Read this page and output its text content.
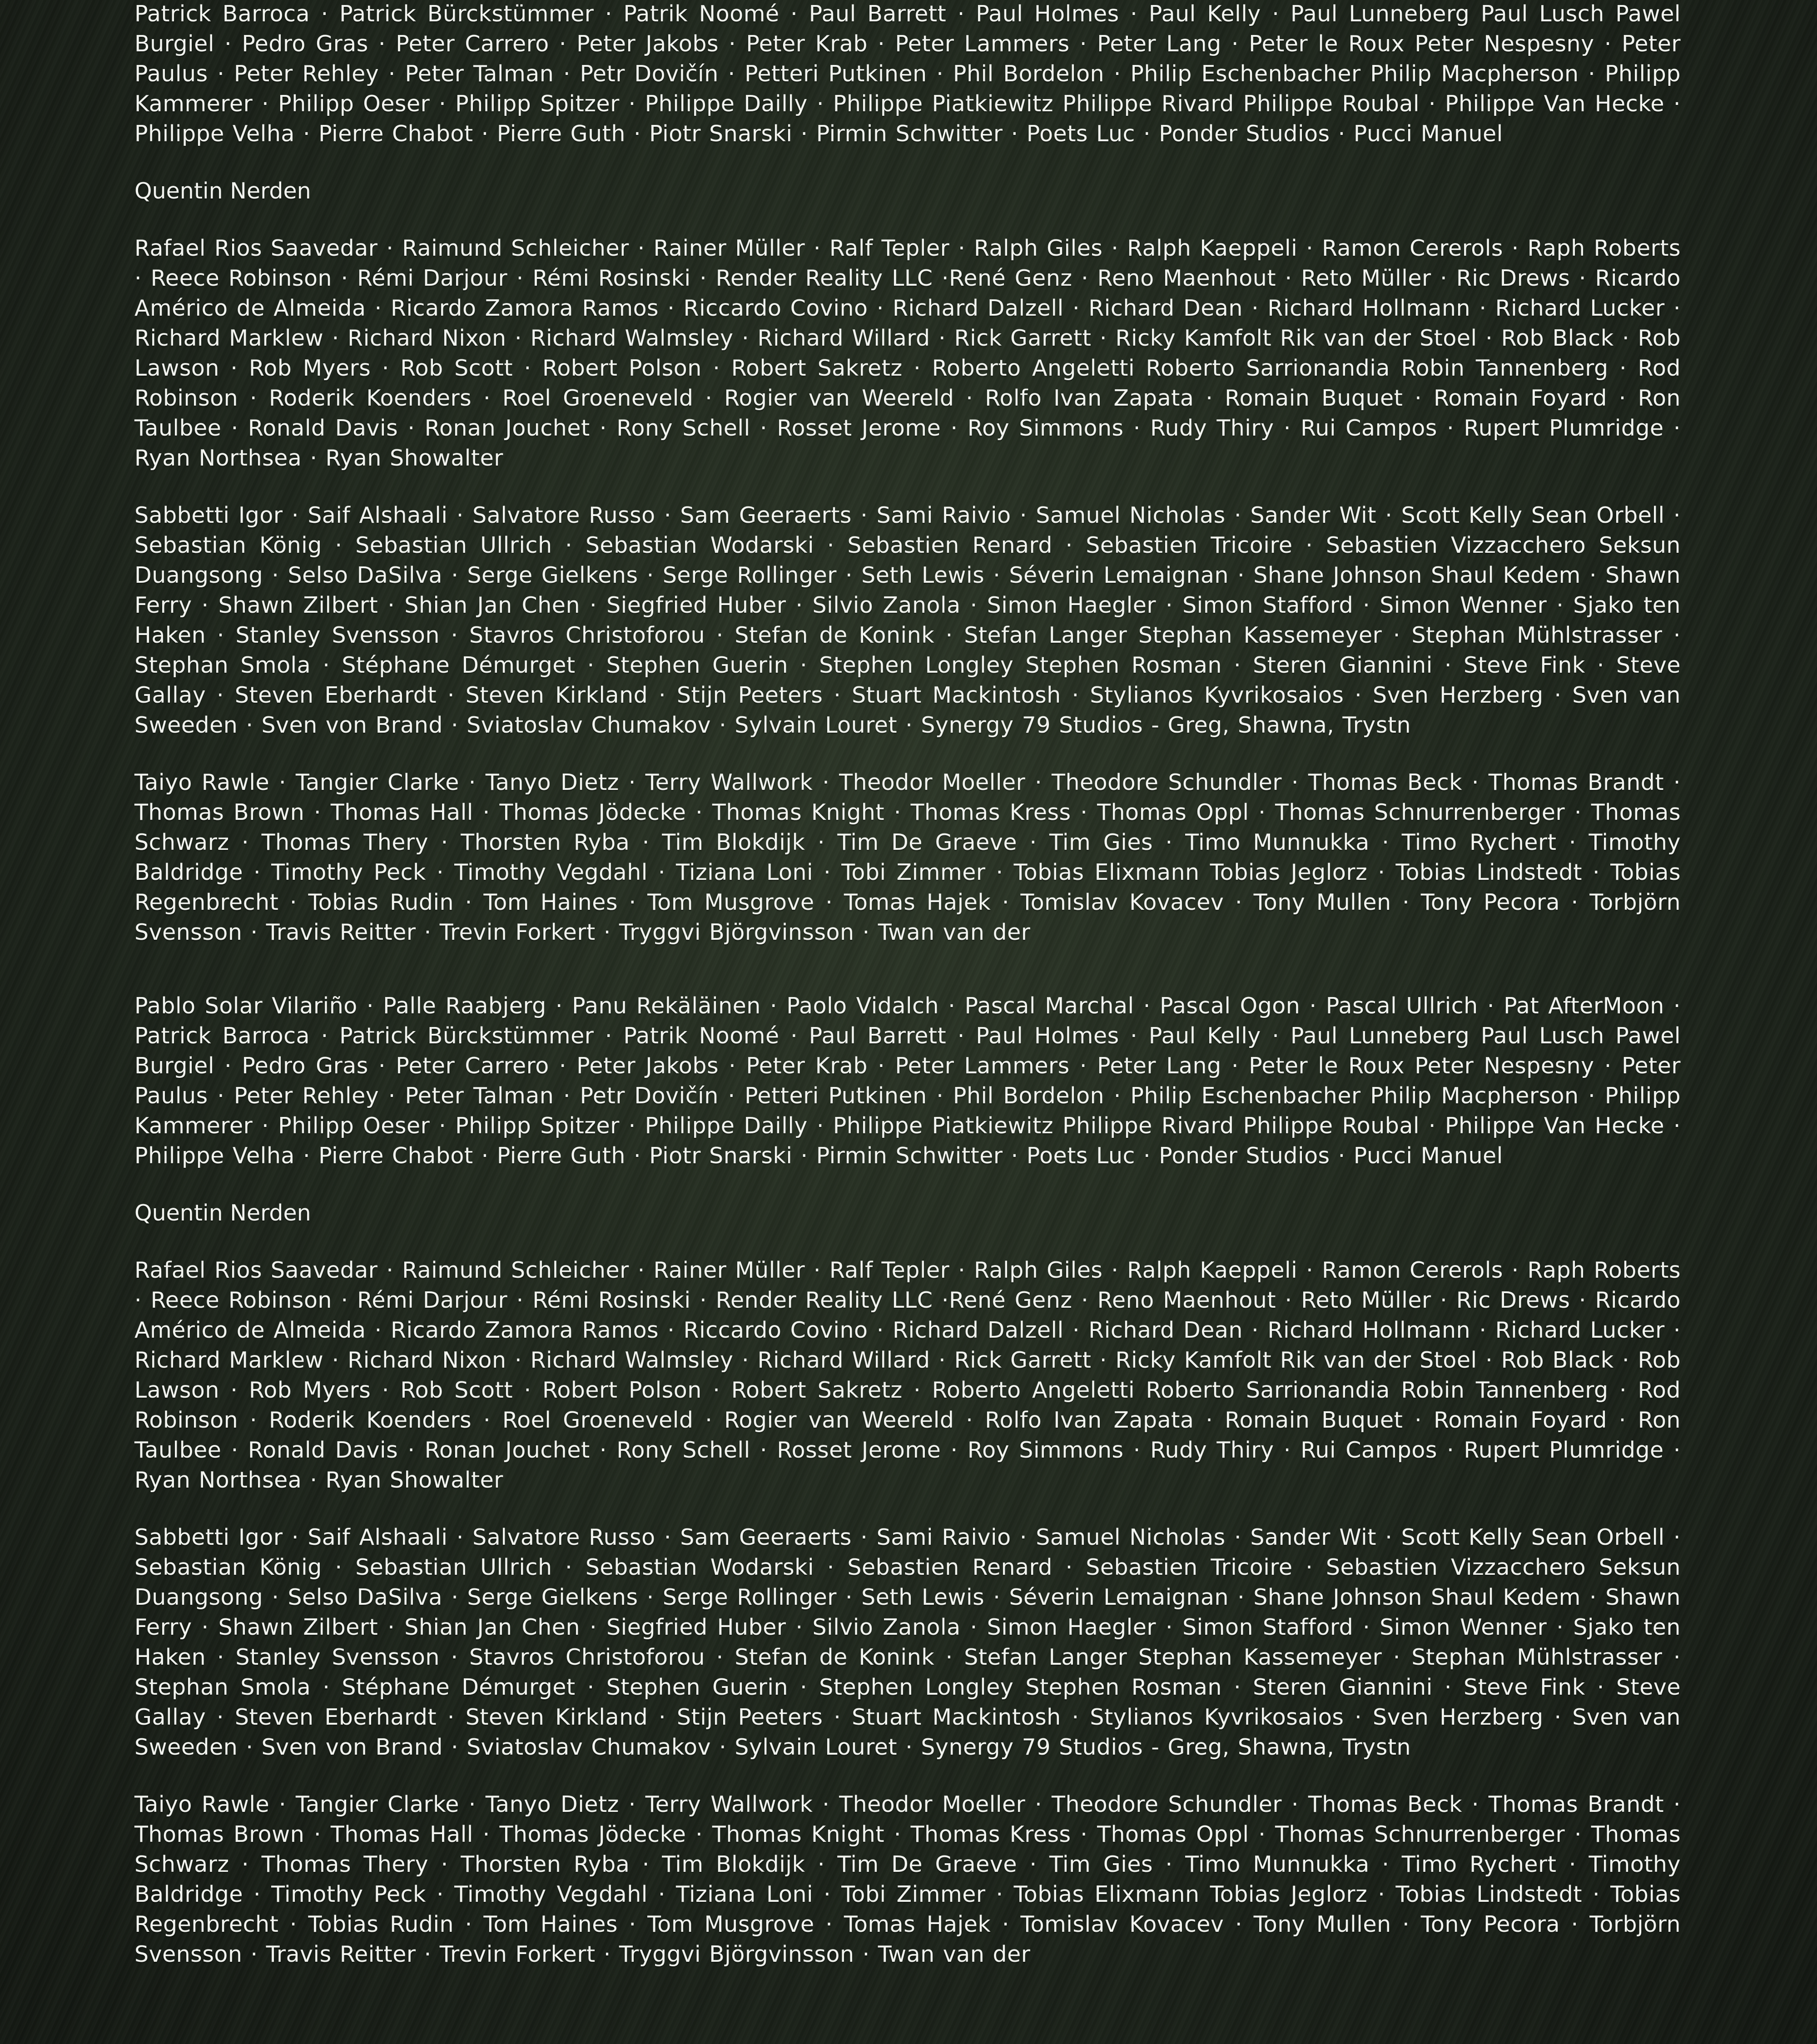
Patrick Barroca · Patrick Bürckstümmer · Patrik Noomé · Paul Barrett · Paul Holmes · Paul Kelly · Paul Lunneberg Paul Lusch Pawel Burgiel · Pedro Gras · Peter Carrero · Peter Jakobs · Peter Krab · Peter Lammers · Peter Lang · Peter le Roux Peter Nespesny · Peter Paulus · Peter Rehley · Peter Talman · Petr Dovičín · Petteri Putkinen · Phil Bordelon · Philip Eschenbacher Philip Macpherson · Philipp Kammerer · Philipp Oeser · Philipp Spitzer · Philippe Dailly · Philippe Piatkiewitz Philippe Rivard Philippe Roubal · Philippe Van Hecke · Philippe Velha · Pierre Chabot · Pierre Guth · Piotr Snarski · Pirmin Schwitter · Poets Luc · Ponder Studios · Pucci Manuel
Quentin Nerden
Rafael Rios Saavedar · Raimund Schleicher · Rainer Müller · Ralf Tepler · Ralph Giles · Ralph Kaeppeli · Ramon Cererols · Raph Roberts · Reece Robinson · Rémi Darjour · Rémi Rosinski · Render Reality LLC ·René Genz · Reno Maenhout · Reto Müller · Ric Drews · Ricardo Américo de Almeida · Ricardo Zamora Ramos · Riccardo Covino · Richard Dalzell · Richard Dean · Richard Hollmann · Richard Lucker · Richard Marklew · Richard Nixon · Richard Walmsley · Richard Willard · Rick Garrett · Ricky Kamfolt Rik van der Stoel · Rob Black · Rob Lawson · Rob Myers · Rob Scott · Robert Polson · Robert Sakretz · Roberto Angeletti Roberto Sarrionandia Robin Tannenberg · Rod Robinson · Roderik Koenders · Roel Groeneveld · Rogier van Weereld · Rolfo Ivan Zapata · Romain Buquet · Romain Foyard · Ron Taulbee · Ronald Davis · Ronan Jouchet · Rony Schell · Rosset Jerome · Roy Simmons · Rudy Thiry · Rui Campos · Rupert Plumridge · Ryan Northsea · Ryan Showalter
Sabbetti Igor · Saif Alshaali · Salvatore Russo · Sam Geeraerts · Sami Raivio · Samuel Nicholas · Sander Wit · Scott Kelly Sean Orbell · Sebastian König · Sebastian Ullrich · Sebastian Wodarski · Sebastien Renard · Sebastien Tricoire · Sebastien Vizzacchero Seksun Duangsong · Selso DaSilva · Serge Gielkens · Serge Rollinger · Seth Lewis · Séverin Lemaignan · Shane Johnson Shaul Kedem · Shawn Ferry · Shawn Zilbert · Shian Jan Chen · Siegfried Huber · Silvio Zanola · Simon Haegler · Simon Stafford · Simon Wenner · Sjako ten Haken · Stanley Svensson · Stavros Christoforou · Stefan de Konink · Stefan Langer Stephan Kassemeyer · Stephan Mühlstrasser · Stephan Smola · Stéphane Démurget · Stephen Guerin · Stephen Longley Stephen Rosman · Steren Giannini · Steve Fink · Steve Gallay · Steven Eberhardt · Steven Kirkland · Stijn Peeters · Stuart Mackintosh · Stylianos Kyvrikosaios · Sven Herzberg · Sven van Sweeden · Sven von Brand · Sviatoslav Chumakov · Sylvain Louret · Synergy 79 Studios - Greg, Shawna, Trystn
Taiyo Rawle · Tangier Clarke · Tanyo Dietz · Terry Wallwork · Theodor Moeller · Theodore Schundler · Thomas Beck · Thomas Brandt · Thomas Brown · Thomas Hall · Thomas Jödecke · Thomas Knight · Thomas Kress · Thomas Oppl · Thomas Schnurrenberger · Thomas Schwarz · Thomas Thery · Thorsten Ryba · Tim Blokdijk · Tim De Graeve · Tim Gies · Timo Munnukka · Timo Rychert · Timothy Baldridge · Timothy Peck · Timothy Vegdahl · Tiziana Loni · Tobi Zimmer · Tobias Elixmann Tobias Jeglorz · Tobias Lindstedt · Tobias Regenbrecht · Tobias Rudin · Tom Haines · Tom Musgrove · Tomas Hajek · Tomislav Kovacev · Tony Mullen · Tony Pecora · Torbjörn Svensson · Travis Reitter · Trevin Forkert · Tryggvi Björgvinsson · Twan van der
Pablo Solar Vilariño · Palle Raabjerg · Panu Rekäläinen · Paolo Vidalch · Pascal Marchal · Pascal Ogon · Pascal Ullrich · Pat AfterMoon · Patrick Barroca · Patrick Bürckstümmer · Patrik Noomé · Paul Barrett · Paul Holmes · Paul Kelly · Paul Lunneberg Paul Lusch Pawel Burgiel · Pedro Gras · Peter Carrero · Peter Jakobs · Peter Krab · Peter Lammers · Peter Lang · Peter le Roux Peter Nespesny · Peter Paulus · Peter Rehley · Peter Talman · Petr Dovičín · Petteri Putkinen · Phil Bordelon · Philip Eschenbacher Philip Macpherson · Philipp Kammerer · Philipp Oeser · Philipp Spitzer · Philippe Dailly · Philippe Piatkiewitz Philippe Rivard Philippe Roubal · Philippe Van Hecke · Philippe Velha · Pierre Chabot · Pierre Guth · Piotr Snarski · Pirmin Schwitter · Poets Luc · Ponder Studios · Pucci Manuel
Quentin Nerden
Rafael Rios Saavedar · Raimund Schleicher · Rainer Müller · Ralf Tepler · Ralph Giles · Ralph Kaeppeli · Ramon Cererols · Raph Roberts · Reece Robinson · Rémi Darjour · Rémi Rosinski · Render Reality LLC ·René Genz · Reno Maenhout · Reto Müller · Ric Drews · Ricardo Américo de Almeida · Ricardo Zamora Ramos · Riccardo Covino · Richard Dalzell · Richard Dean · Richard Hollmann · Richard Lucker · Richard Marklew · Richard Nixon · Richard Walmsley · Richard Willard · Rick Garrett · Ricky Kamfolt Rik van der Stoel · Rob Black · Rob Lawson · Rob Myers · Rob Scott · Robert Polson · Robert Sakretz · Roberto Angeletti Roberto Sarrionandia Robin Tannenberg · Rod Robinson · Roderik Koenders · Roel Groeneveld · Rogier van Weereld · Rolfo Ivan Zapata · Romain Buquet · Romain Foyard · Ron Taulbee · Ronald Davis · Ronan Jouchet · Rony Schell · Rosset Jerome · Roy Simmons · Rudy Thiry · Rui Campos · Rupert Plumridge · Ryan Northsea · Ryan Showalter
Sabbetti Igor · Saif Alshaali · Salvatore Russo · Sam Geeraerts · Sami Raivio · Samuel Nicholas · Sander Wit · Scott Kelly Sean Orbell · Sebastian König · Sebastian Ullrich · Sebastian Wodarski · Sebastien Renard · Sebastien Tricoire · Sebastien Vizzacchero Seksun Duangsong · Selso DaSilva · Serge Gielkens · Serge Rollinger · Seth Lewis · Séverin Lemaignan · Shane Johnson Shaul Kedem · Shawn Ferry · Shawn Zilbert · Shian Jan Chen · Siegfried Huber · Silvio Zanola · Simon Haegler · Simon Stafford · Simon Wenner · Sjako ten Haken · Stanley Svensson · Stavros Christoforou · Stefan de Konink · Stefan Langer Stephan Kassemeyer · Stephan Mühlstrasser · Stephan Smola · Stéphane Démurget · Stephen Guerin · Stephen Longley Stephen Rosman · Steren Giannini · Steve Fink · Steve Gallay · Steven Eberhardt · Steven Kirkland · Stijn Peeters · Stuart Mackintosh · Stylianos Kyvrikosaios · Sven Herzberg · Sven van Sweeden · Sven von Brand · Sviatoslav Chumakov · Sylvain Louret · Synergy 79 Studios - Greg, Shawna, Trystn
Taiyo Rawle · Tangier Clarke · Tanyo Dietz · Terry Wallwork · Theodor Moeller · Theodore Schundler · Thomas Beck · Thomas Brandt · Thomas Brown · Thomas Hall · Thomas Jödecke · Thomas Knight · Thomas Kress · Thomas Oppl · Thomas Schnurrenberger · Thomas Schwarz · Thomas Thery · Thorsten Ryba · Tim Blokdijk · Tim De Graeve · Tim Gies · Timo Munnukka · Timo Rychert · Timothy Baldridge · Timothy Peck · Timothy Vegdahl · Tiziana Loni · Tobi Zimmer · Tobias Elixmann Tobias Jeglorz · Tobias Lindstedt · Tobias Regenbrecht · Tobias Rudin · Tom Haines · Tom Musgrove · Tomas Hajek · Tomislav Kovacev · Tony Mullen · Tony Pecora · Torbjörn Svensson · Travis Reitter · Trevin Forkert · Tryggvi Björgvinsson · Twan van der
